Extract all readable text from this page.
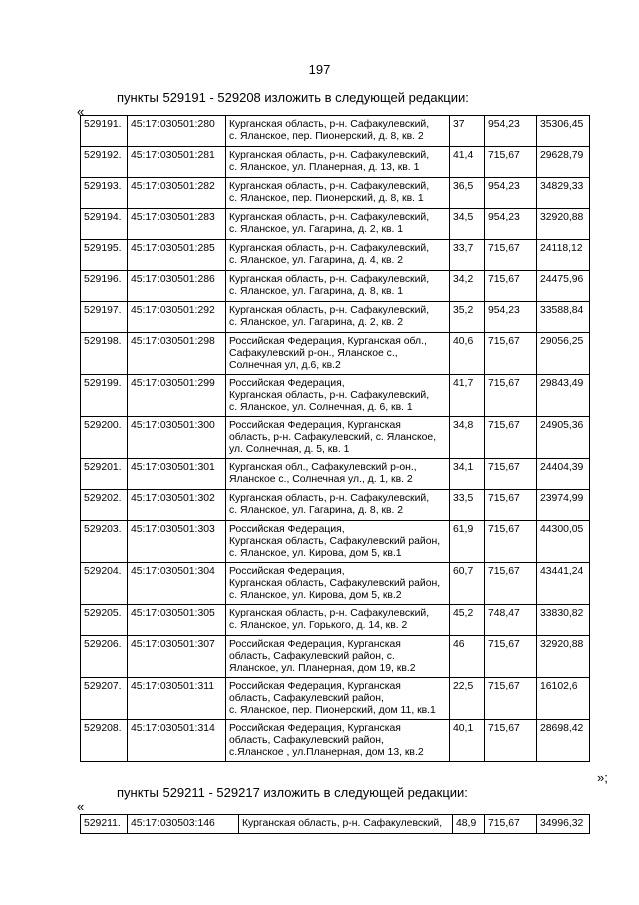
197
пункты 529191 - 529208 изложить в следующей редакции:
«
529191.	45:17:030501:280	Курганская область, р-н. Сафакулевский,
с. Яланское, пер. Пионерский, д. 8, кв. 2	37	954,23	35306,45
529192.	45:17:030501:281	Курганская область, р-н. Сафакулевский,
с. Яланское, ул. Планерная, д. 13, кв. 1	41,4	715,67	29628,79
529193.	45:17:030501:282	Курганская область, р-н. Сафакулевский,
с. Яланское, пер. Пионерский, д. 8, кв. 1	36,5	954,23	34829,33
529194.	45:17:030501:283	Курганская область, р-н. Сафакулевский,
с. Яланское, ул. Гагарина, д. 2, кв. 1	34,5	954,23	32920,88
529195.	45:17:030501:285	Курганская область, р-н. Сафакулевский,
с. Яланское, ул. Гагарина, д. 4, кв. 2	33,7	715,67	24118,12
529196.	45:17:030501:286	Курганская область, р-н. Сафакулевский,
с. Яланское, ул. Гагарина, д. 8, кв. 1	34,2	715,67	24475,96
529197.	45:17:030501:292	Курганская область, р-н. Сафакулевский,
с. Яланское, ул. Гагарина, д. 2, кв. 2	35,2	954,23	33588,84
529198.	45:17:030501:298	Российская Федерация, Курганская обл.,
Сафакулевский р-он., Яланское с.,
Солнечная ул, д.6, кв.2	40,6	715,67	29056,25
529199.	45:17:030501:299	Российская Федерация,
Курганская область, р-н. Сафакулевский,
с. Яланское, ул. Солнечная, д. 6, кв. 1	41,7	715,67	29843,49
529200.	45:17:030501:300	Российская Федерация, Курганская
область, р-н. Сафакулевский, с. Яланское,
ул. Солнечная, д. 5, кв. 1	34,8	715,67	24905,36
529201.	45:17:030501:301	Курганская обл., Сафакулевский р-он.,
Яланское с., Солнечная ул., д. 1, кв. 2	34,1	715,67	24404,39
529202.	45:17:030501:302	Курганская область, р-н. Сафакулевский,
с. Яланское, ул. Гагарина, д. 8, кв. 2	33,5	715,67	23974,99
529203.	45:17:030501:303	Российская Федерация,
Курганская область, Сафакулевский район,
с. Яланское, ул. Кирова, дом 5, кв.1	61,9	715,67	44300,05
529204.	45:17:030501:304	Российская Федерация,
Курганская область, Сафакулевский район,
с. Яланское, ул. Кирова, дом 5, кв.2	60,7	715,67	43441,24
529205.	45:17:030501:305	Курганская область, р-н. Сафакулевский,
с. Яланское, ул. Горького, д. 14, кв. 2	45,2	748,47	33830,82
529206.	45:17:030501:307	Российская Федерация, Курганская
область, Сафакулевский район, с.
Яланское, ул. Планерная, дом 19, кв.2	46	715,67	32920,88
529207.	45:17:030501:311	Российская Федерация, Курганская
область, Сафакулевский район,
с. Яланское, пер. Пионерский, дом 11, кв.1	22,5	715,67	16102,6
529208.	45:17:030501:314	Российская Федерация, Курганская
область, Сафакулевский район,
с.Яланское , ул.Планерная, дом 13, кв.2	40,1	715,67	28698,42
»;
пункты 529211 - 529217 изложить в следующей редакции:
«
529211.	45:17:030503:146	Курганская область, р-н. Сафакулевский,	48,9	715,67	34996,32
